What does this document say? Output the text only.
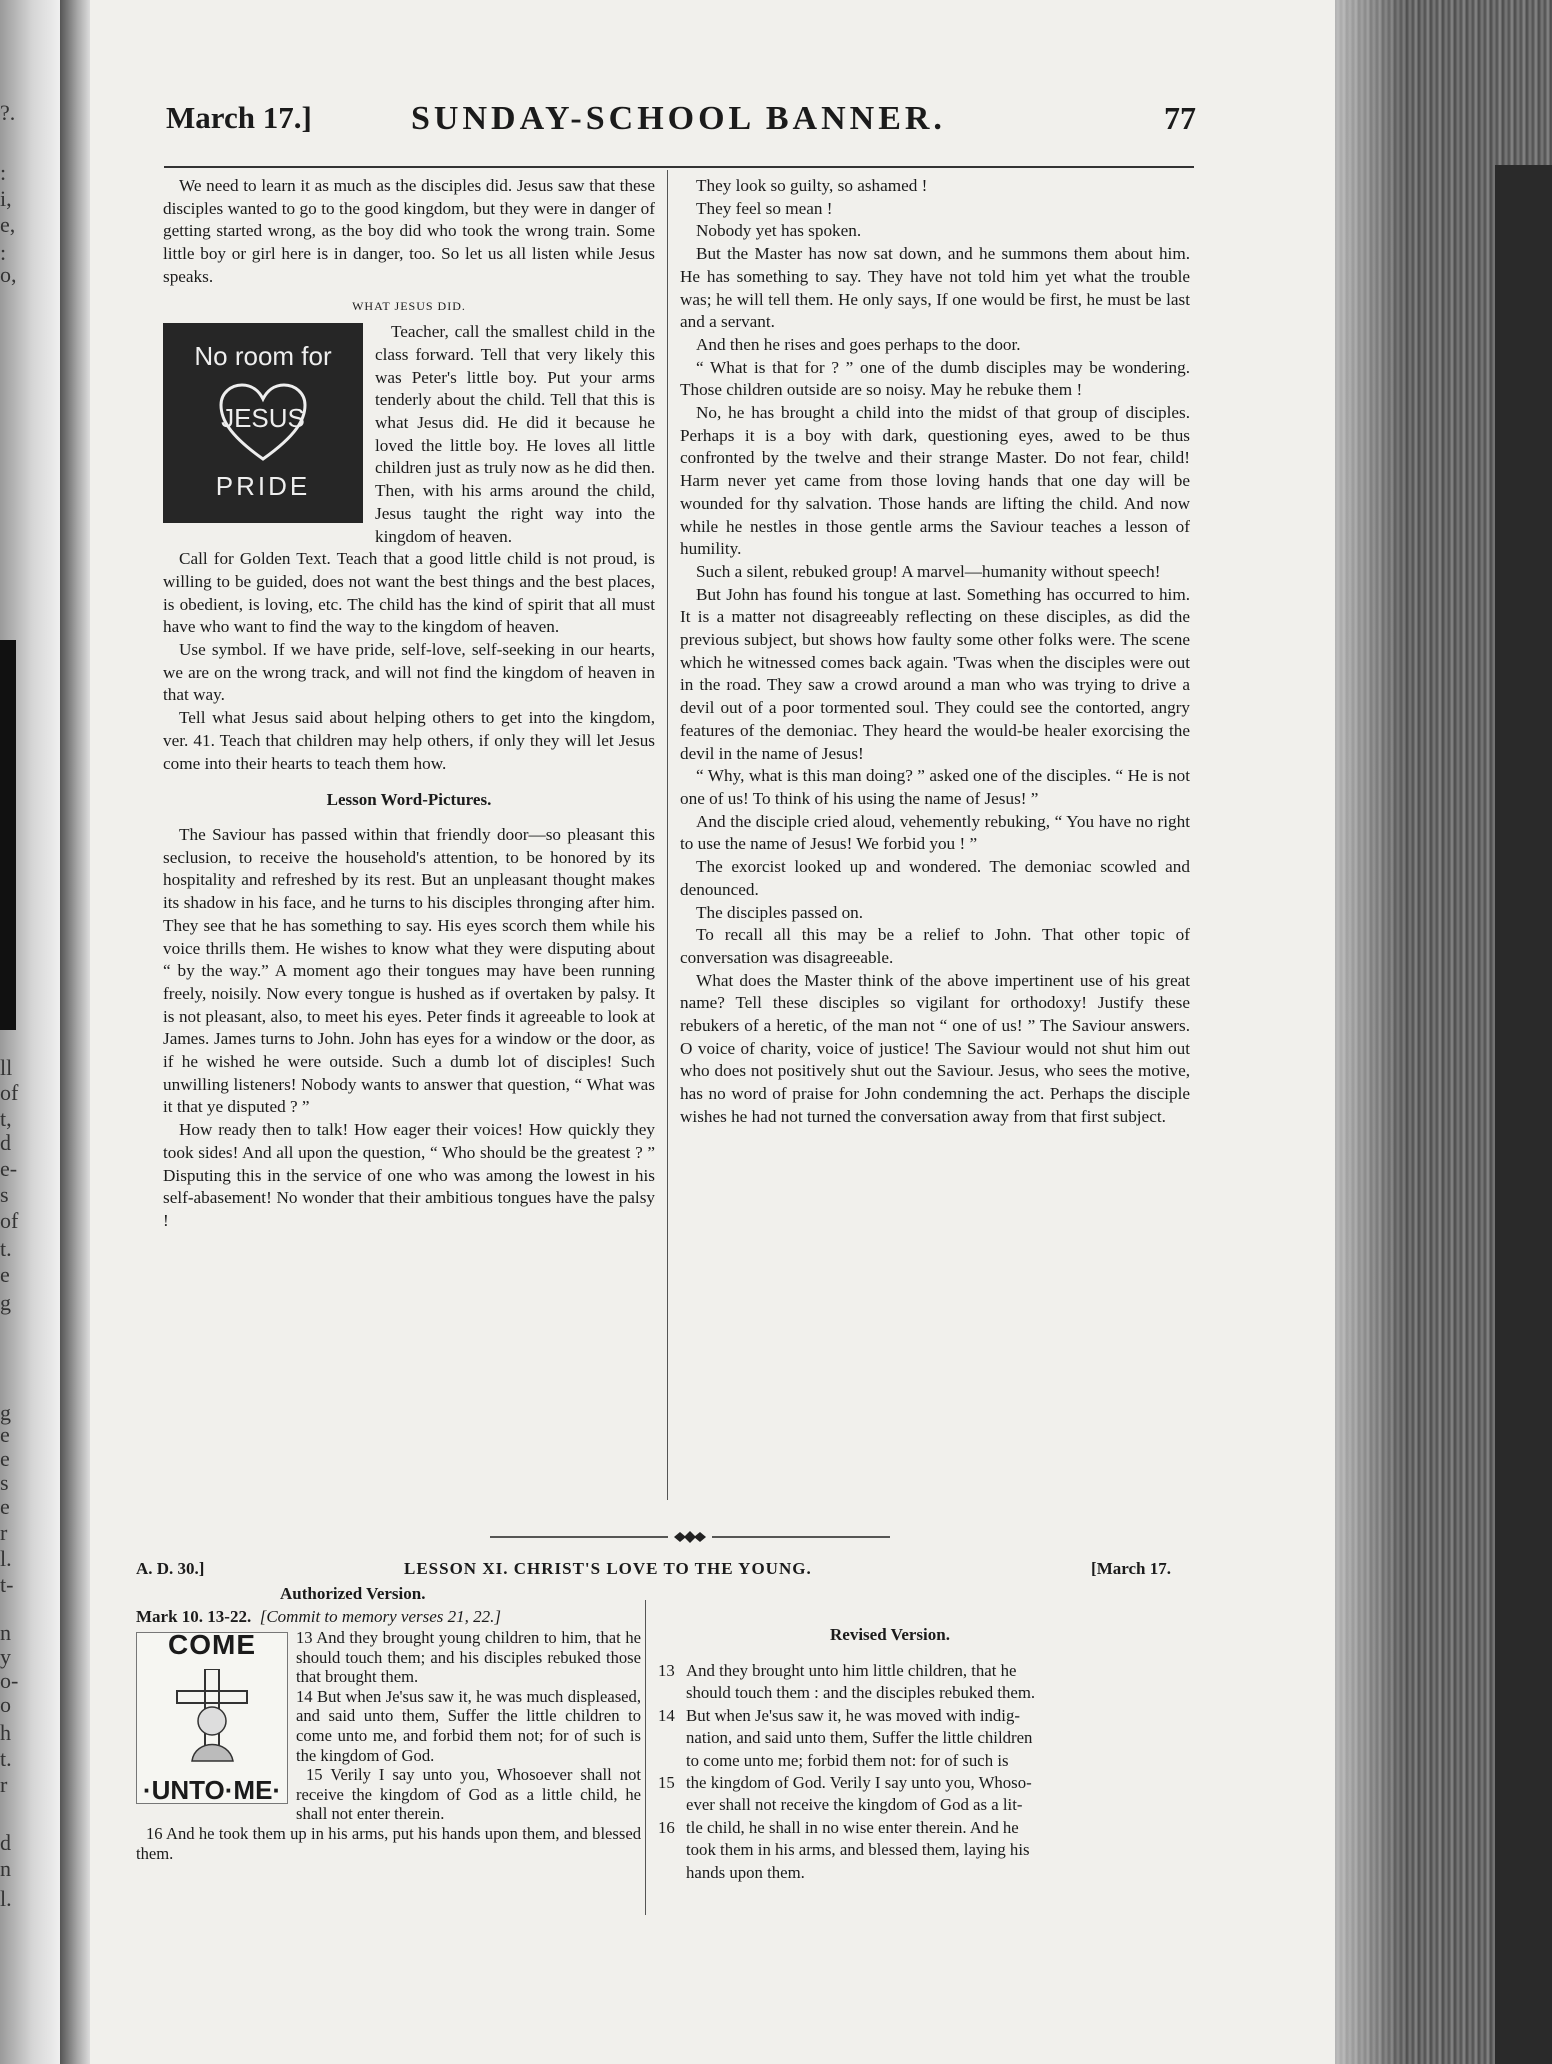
?.
:
i,
e,
:
o,
ll
of
t,
d
e-
s
of
t.
e
g
g
e
e
s
e
r
l.
t-
n
y
o-
o
h
t.
r
d
n
l.
March 17.]	SUNDAY-SCHOOL BANNER.	77

We need to learn it as much as the disciples did. Jesus saw that these disciples wanted to go to the good kingdom, but they were in danger of getting started wrong, as the boy did who took the wrong train. Some little boy or girl here is in danger, too. So let us all listen while Jesus speaks.

WHAT JESUS DID.

No room for
JESUS
PRIDE

Teacher, call the smallest child in the class forward. Tell that very likely this was Peter's little boy. Put your arms tenderly about the child. Tell that this is what Jesus did. He did it because he loved the little boy. He loves all little children just as truly now as he did then. Then, with his arms around the child, Jesus taught the right way into the kingdom of heaven.

Call for Golden Text. Teach that a good little child is not proud, is willing to be guided, does not want the best things and the best places, is obedient, is loving, etc. The child has the kind of spirit that all must have who want to find the way to the kingdom of heaven.

Use symbol. If we have pride, self-love, self-seeking in our hearts, we are on the wrong track, and will not find the kingdom of heaven in that way.

Tell what Jesus said about helping others to get into the kingdom, ver. 41. Teach that children may help others, if only they will let Jesus come into their hearts to teach them how.

Lesson Word-Pictures.

The Saviour has passed within that friendly door—so pleasant this seclusion, to receive the household's attention, to be honored by its hospitality and refreshed by its rest. But an unpleasant thought makes its shadow in his face, and he turns to his disciples thronging after him. They see that he has something to say. His eyes scorch them while his voice thrills them. He wishes to know what they were disputing about “ by the way.” A moment ago their tongues may have been running freely, noisily. Now every tongue is hushed as if overtaken by palsy. It is not pleasant, also, to meet his eyes. Peter finds it agreeable to look at James. James turns to John. John has eyes for a window or the door, as if he wished he were outside. Such a dumb lot of disciples! Such unwilling listeners! Nobody wants to answer that question, “ What was it that ye disputed ? ”

How ready then to talk! How eager their voices! How quickly they took sides! And all upon the question, “ Who should be the greatest ? ” Disputing this in the service of one who was among the lowest in his self-abasement! No wonder that their ambitious tongues have the palsy !

They look so guilty, so ashamed !

They feel so mean !

Nobody yet has spoken.

But the Master has now sat down, and he summons them about him. He has something to say. They have not told him yet what the trouble was; he will tell them. He only says, If one would be first, he must be last and a servant.

And then he rises and goes perhaps to the door.

“ What is that for ? ” one of the dumb disciples may be wondering. Those children outside are so noisy. May he rebuke them !

No, he has brought a child into the midst of that group of disciples. Perhaps it is a boy with dark, questioning eyes, awed to be thus confronted by the twelve and their strange Master. Do not fear, child! Harm never yet came from those loving hands that one day will be wounded for thy salvation. Those hands are lifting the child. And now while he nestles in those gentle arms the Saviour teaches a lesson of humility.

Such a silent, rebuked group! A marvel—humanity without speech!

But John has found his tongue at last. Something has occurred to him. It is a matter not disagreeably reflecting on these disciples, as did the previous subject, but shows how faulty some other folks were. The scene which he witnessed comes back again. 'Twas when the disciples were out in the road. They saw a crowd around a man who was trying to drive a devil out of a poor tormented soul. They could see the contorted, angry features of the demoniac. They heard the would-be healer exorcising the devil in the name of Jesus!

“ Why, what is this man doing? ” asked one of the disciples. “ He is not one of us! To think of his using the name of Jesus! ”

And the disciple cried aloud, vehemently rebuking, “ You have no right to use the name of Jesus! We forbid you ! ”

The exorcist looked up and wondered. The demoniac scowled and denounced.

The disciples passed on.

To recall all this may be a relief to John. That other topic of conversation was disagreeable.

What does the Master think of the above impertinent use of his great name? Tell these disciples so vigilant for orthodoxy! Justify these rebukers of a heretic, of the man not “ one of us! ” The Saviour answers. O voice of charity, voice of justice! The Saviour would not shut him out who does not positively shut out the Saviour. Jesus, who sees the motive, has no word of praise for John condemning the act. Perhaps the disciple wishes he had not turned the conversation away from that first subject.

A. D. 30.]	LESSON XI. CHRIST'S LOVE TO THE YOUNG.	[March 17.
Authorized Version.
Mark 10. 13-22. [Commit to memory verses 21, 22.]
Revised Version.
COME
·UNTO·ME·

13 And they brought young children to him, that he should touch them; and his disciples rebuked those that brought them.

14 But when Je'sus saw it, he was much displeased, and said unto them, Suffer the little children to come unto me, and forbid them not; for of such is the kingdom of God.

15 Verily I say unto you, Whosoever shall not receive the kingdom of God as a little child, he shall not enter therein.

16 And he took them up in his arms, put his hands upon them, and blessed them.

13 And they brought unto him little children, that he
should touch them : and the disciples rebuked them.
14 But when Je'sus saw it, he was moved with indig-
nation, and said unto them, Suffer the little children
to come unto me; forbid them not: for of such is
15 the kingdom of God. Verily I say unto you, Whoso-
ever shall not receive the kingdom of God as a lit-
16 tle child, he shall in no wise enter therein. And he
took them in his arms, and blessed them, laying his
hands upon them.
